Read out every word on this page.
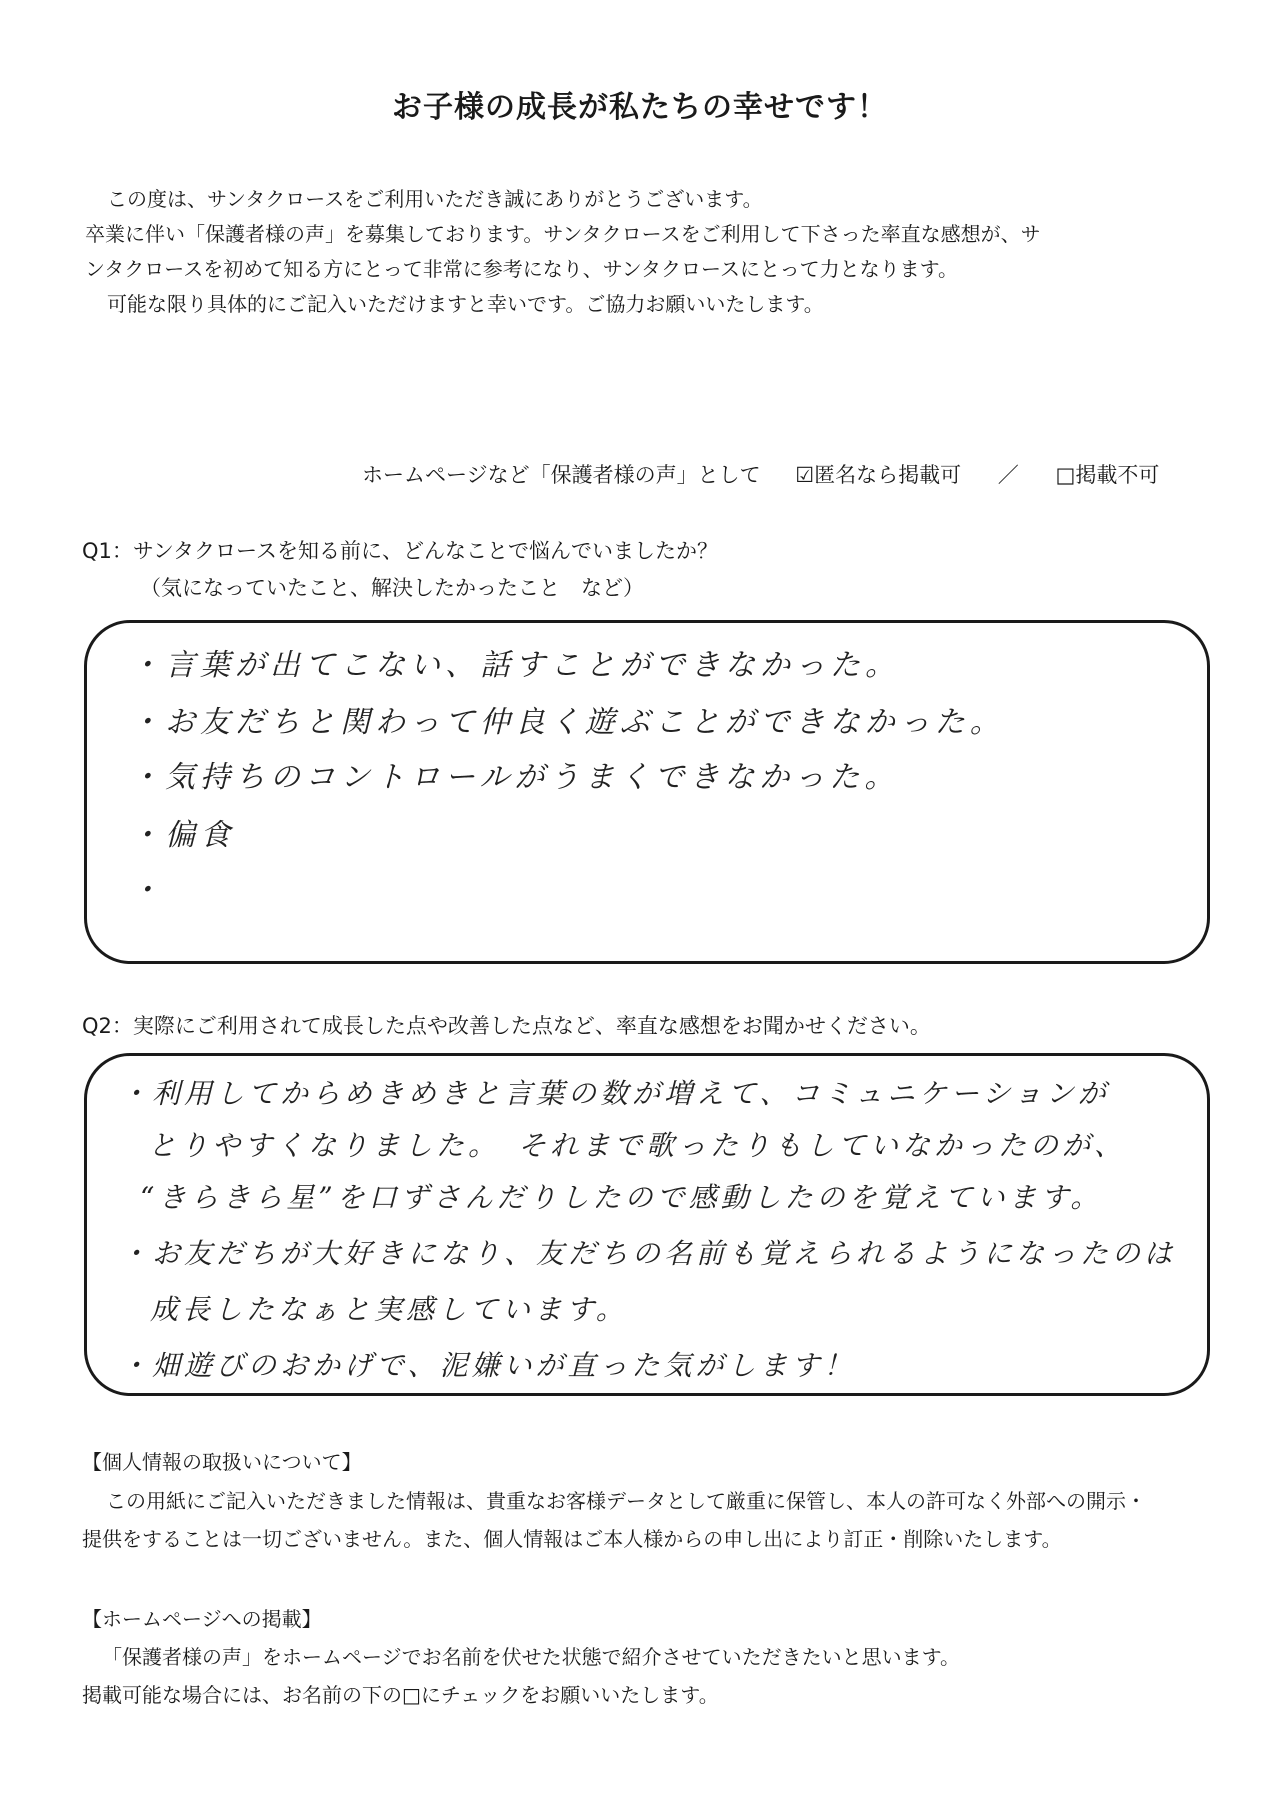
お子様の成長が私たちの幸せです！

この度は、サンタクロースをご利用いただき誠にありがとうございます。

卒業に伴い「保護者様の声」を募集しております。サンタクロースをご利用して下さった率直な感想が、サ

ンタクロースを初めて知る方にとって非常に参考になり、サンタクロースにとって力となります。

可能な限り具体的にご記入いただけますと幸いです。ご協力お願いいたします。

ホームページなど「保護者様の声」として ☑匿名なら掲載可 ／ □掲載不可
Q1：サンタクロースを知る前に、どんなことで悩んでいましたか？
（気になっていたこと、解決したかったこと　など）
・言葉が出てこない、話すことができなかった。
・お友だちと関わって仲良く遊ぶことができなかった。
・気持ちのコントロールがうまくできなかった。
・偏食
・
Q2：実際にご利用されて成長した点や改善した点など、率直な感想をお聞かせください。
・利用してからめきめきと言葉の数が増えて、コミュニケーションが
とりやすくなりました。　それまで歌ったりもしていなかったのが、
“きらきら星”を口ずさんだりしたので感動したのを覚えています。
・お友だちが大好きになり、友だちの名前も覚えられるようになったのは
成長したなぁと実感しています。
・畑遊びのおかげで、泥嫌いが直った気がします！
【個人情報の取扱いについて】

この用紙にご記入いただきました情報は、貴重なお客様データとして厳重に保管し、本人の許可なく外部への開示・

提供をすることは一切ございません。また、個人情報はご本人様からの申し出により訂正・削除いたします。

【ホームページへの掲載】

「保護者様の声」をホームページでお名前を伏せた状態で紹介させていただきたいと思います。

掲載可能な場合には、お名前の下の□にチェックをお願いいたします。
